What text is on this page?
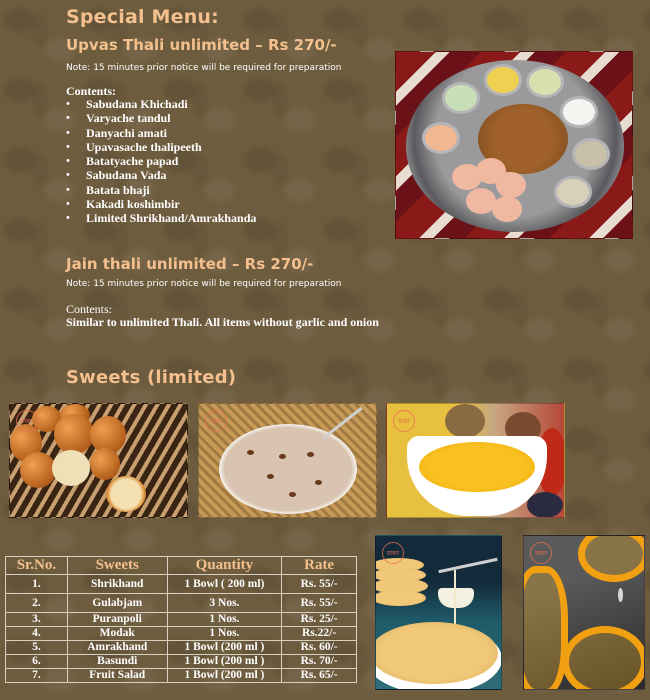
Special Menu:
Upvas Thali unlimited – Rs 270/-
Note: 15 minutes prior notice will be required for preparation
Contents:
• Sabudana Khichadi
• Varyache tandul
• Danyachi amati
• Upavasache thalipeeth
• Batatyache papad
• Sabudana Vada
• Batata bhaji
• Kakadi koshimbir
• Limited Shrikhand/Amrakhanda
Jain thali unlimited – Rs 270/-
Note: 15 minutes prior notice will be required for preparation
Contents:
Similar to unlimited Thali. All items without garlic and onion
Sweets (limited)
ठाकर	ठाकर	ठाकर
Sr.No.	Sweets	Quantity	Rate
1.	Shrikhand	1 Bowl ( 200 ml)	Rs. 55/-
2.	Gulabjam	3 Nos.	Rs. 55/-
3.	Puranpoli	1 Nos.	Rs. 25/-
4.	Modak	1 Nos.	Rs.22/-
5.	Amrakhand	1 Bowl (200 ml )	Rs. 60/-
6.	Basundi	1 Bowl (200 ml )	Rs. 70/-
7.	Fruit Salad	1 Bowl (200 ml )	Rs. 65/-
ठाकर	ठाकर
